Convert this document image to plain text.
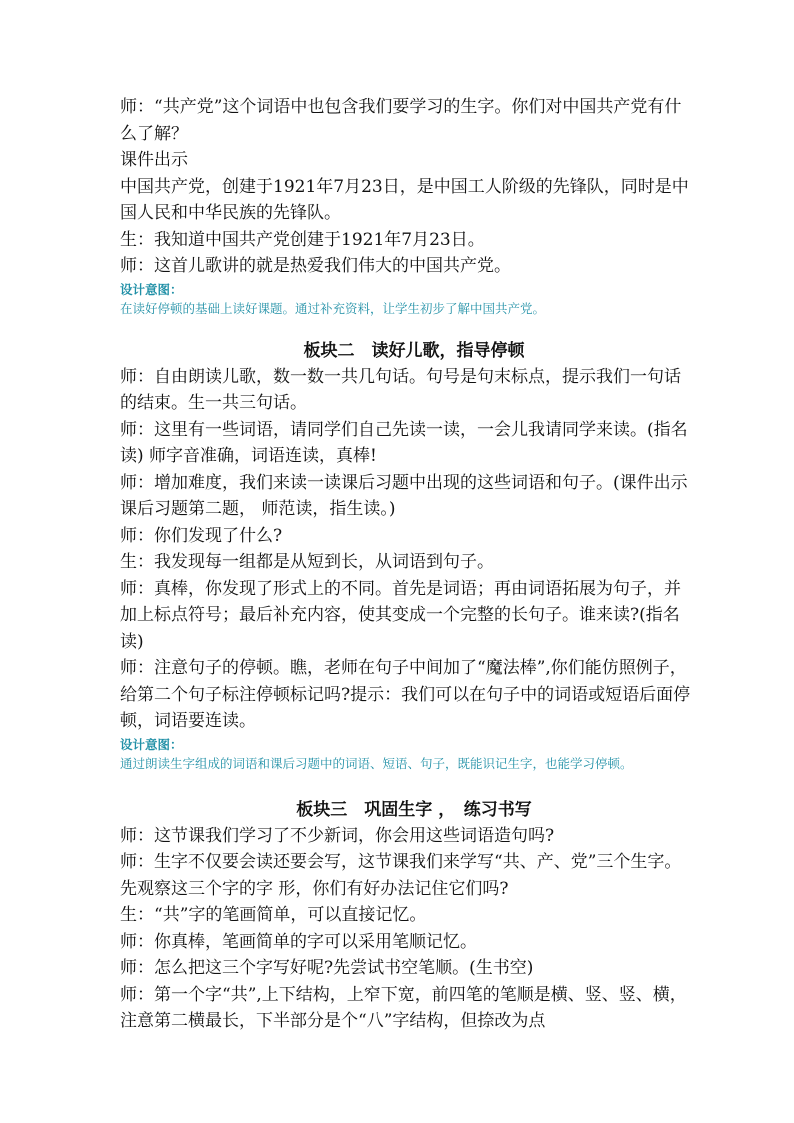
师：“共产党”这个词语中也包含我们要学习的生字。你们对中国共产党有什么了解？

课件出示

中国共产党，创建于1921年7月23日，是中国工人阶级的先锋队，同时是中国人民和中华民族的先锋队。

生：我知道中国共产党创建于1921年7月23日。

师：这首儿歌讲的就是热爱我们伟大的中国共产党。

设计意图：

在读好停顿的基础上读好课题。通过补充资料，让学生初步了解中国共产党。

板块二　读好儿歌，指导停顿

师：自由朗读儿歌，数一数一共几句话。句号是句末标点，提示我们一句话的结束。生一共三句话。

师：这里有一些词语，请同学们自己先读一读，一会儿我请同学来读。(指名读) 师字音准确，词语连读，真棒!

师：增加难度，我们来读一读课后习题中出现的这些词语和句子。(课件出示课后习题第二题， 师范读，指生读。)

师：你们发现了什么?

生：我发现每一组都是从短到长，从词语到句子。

师：真棒，你发现了形式上的不同。首先是词语；再由词语拓展为句子，并加上标点符号；最后补充内容，使其变成一个完整的长句子。谁来读?(指名读)

师：注意句子的停顿。瞧，老师在句子中间加了“魔法棒”,你们能仿照例子，给第二个句子标注停顿标记吗?提示：我们可以在句子中的词语或短语后面停顿，词语要连读。

设计意图：

通过朗读生字组成的词语和课后习题中的词语、短语、句子，既能识记生字，也能学习停顿。

板块三　巩固生字 ，　练习书写

师：这节课我们学习了不少新词，你会用这些词语造句吗?

师：生字不仅要会读还要会写，这节课我们来学写“共、产、党”三个生字。先观察这三个字的字 形，你们有好办法记住它们吗?

生：“共”字的笔画简单，可以直接记忆。

师：你真棒，笔画简单的字可以采用笔顺记忆。

师：怎么把这三个字写好呢?先尝试书空笔顺。(生书空)

师：第一个字“共”,上下结构，上窄下宽，前四笔的笔顺是横、竖、竖、横，注意第二横最长，下半部分是个“八”字结构，但捺改为点
